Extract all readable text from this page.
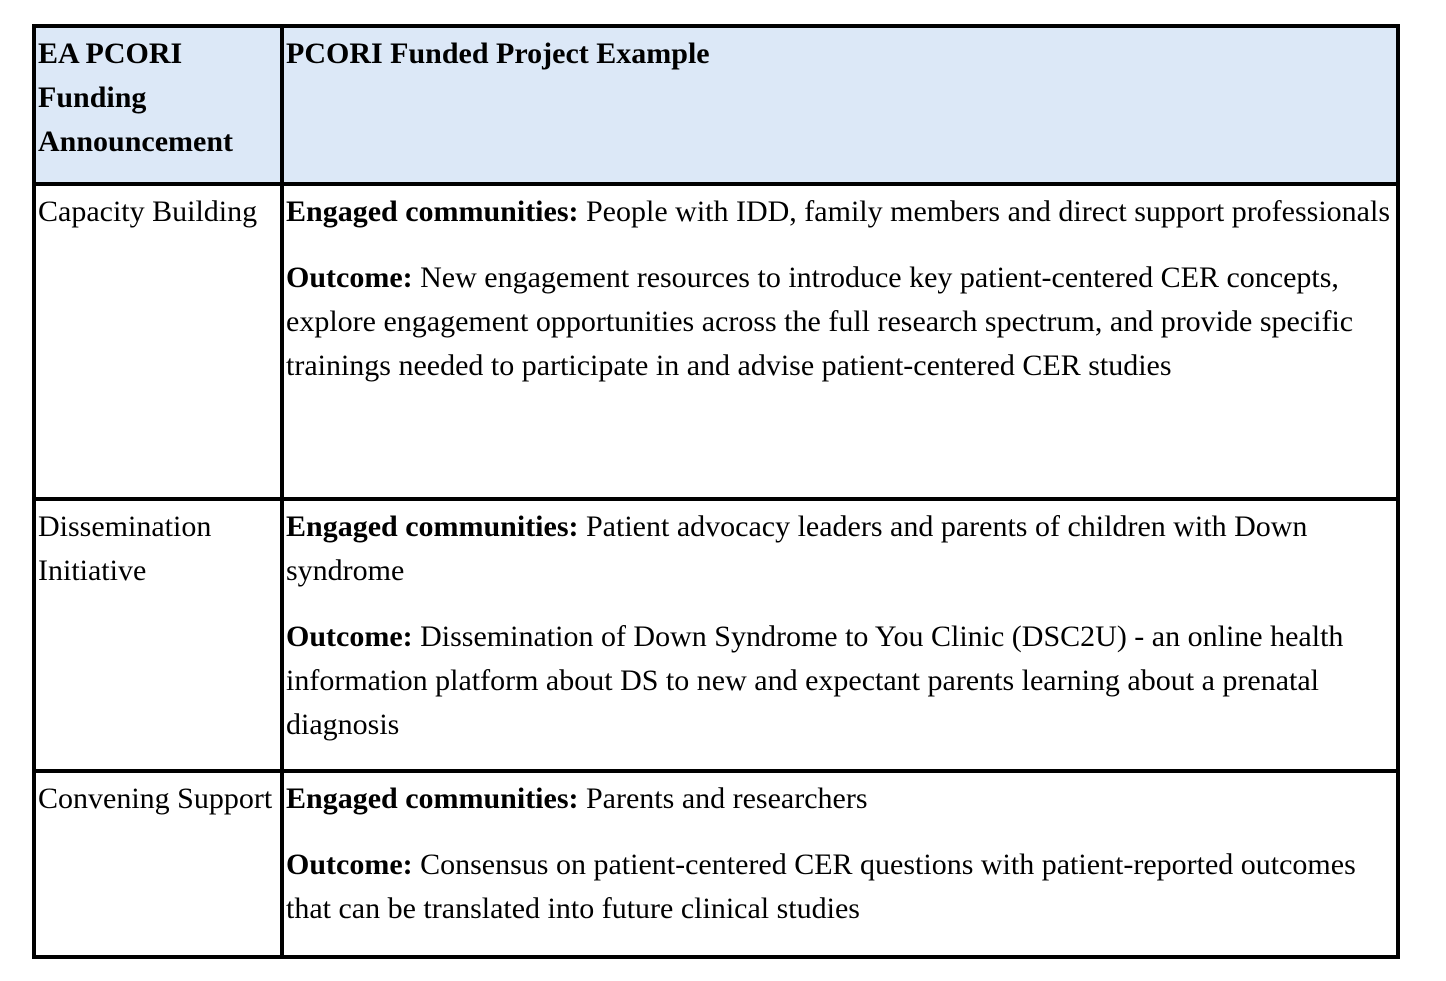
EA PCORI Funding Announcement	PCORI Funded Project Example
Capacity Building	Engaged communities: People with IDD, family members and direct support professionals
Outcome: New engagement resources to introduce key patient-centered CER concepts, explore engagement opportunities across the full research spectrum, and provide specific trainings needed to participate in and advise patient-centered CER studies

Dissemination Initiative	Engaged communities: Patient advocacy leaders and parents of children with Down syndrome
Outcome: Dissemination of Down Syndrome to You Clinic (DSC2U) - an online health information platform about DS to new and expectant parents learning about a prenatal diagnosis

Convening Support	Engaged communities: Parents and researchers
Outcome: Consensus on patient-centered CER questions with patient-reported outcomes that can be translated into future clinical studies
